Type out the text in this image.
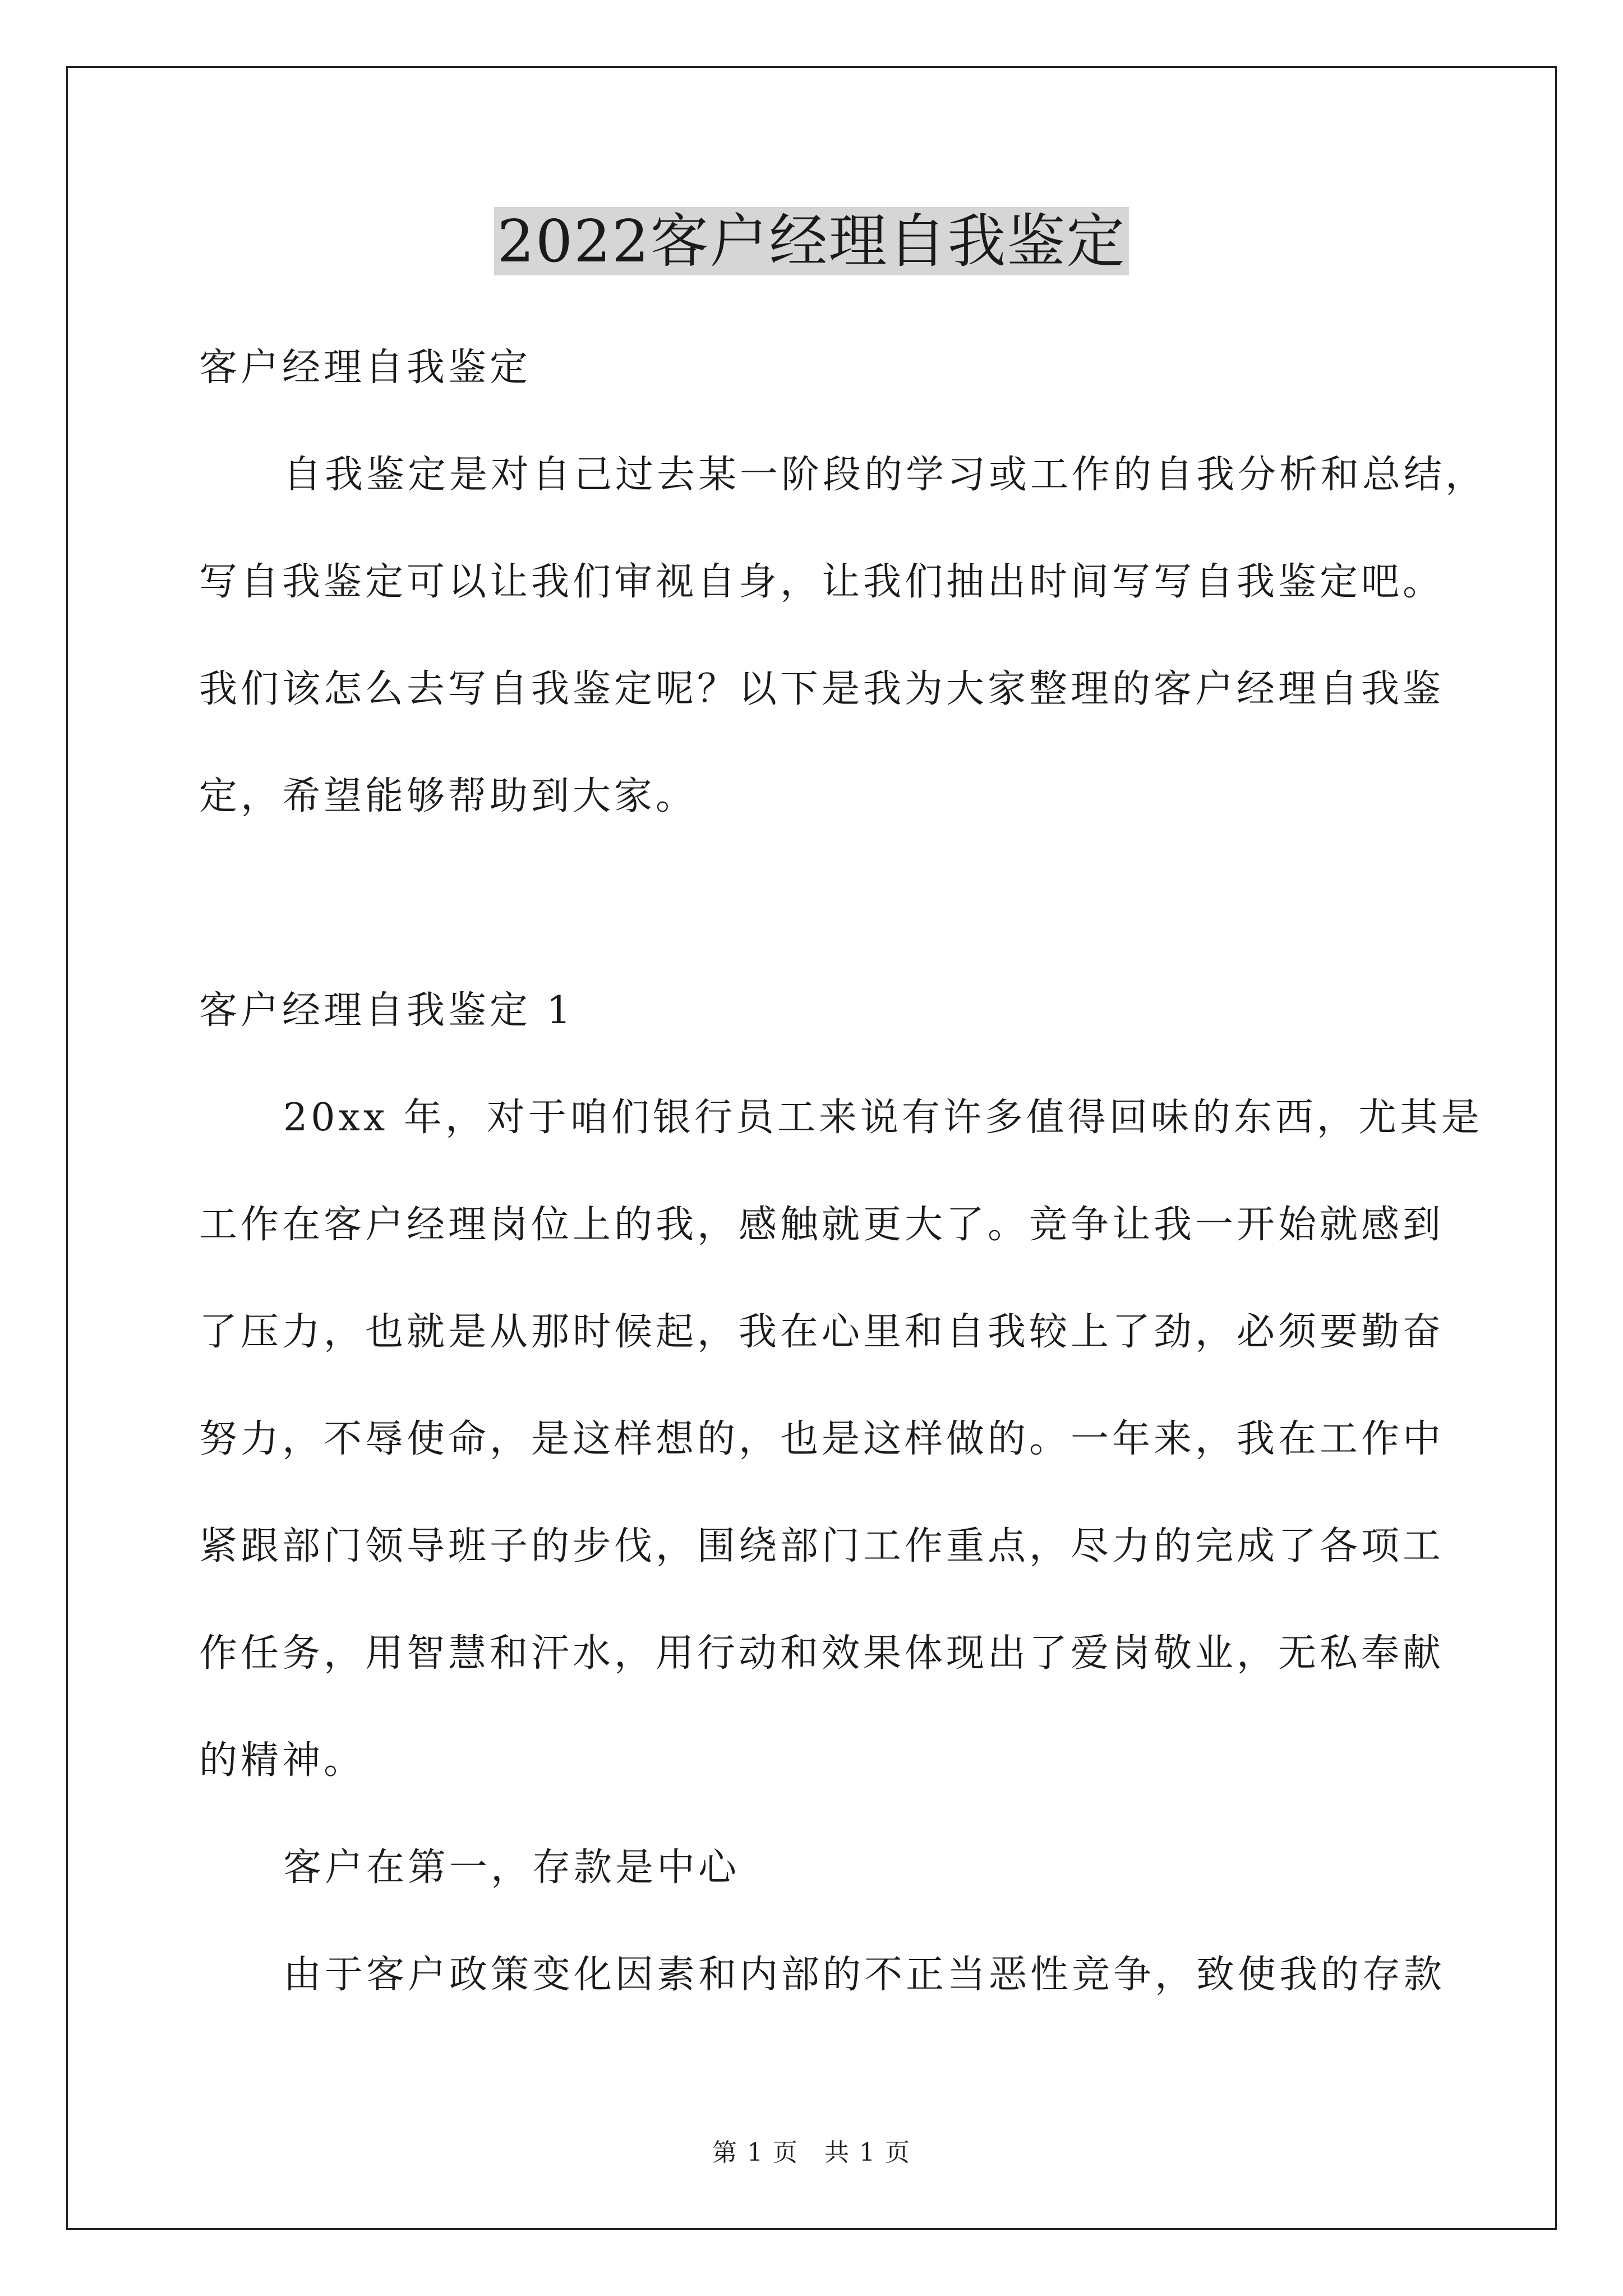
2022客户经理自我鉴定
客户经理自我鉴定
自我鉴定是对自己过去某一阶段的学习或工作的自我分析和总结，
写自我鉴定可以让我们审视自身，让我们抽出时间写写自我鉴定吧。
我们该怎么去写自我鉴定呢？以下是我为大家整理的客户经理自我鉴
定，希望能够帮助到大家。
客户经理自我鉴定 1
20xx 年，对于咱们银行员工来说有许多值得回味的东西，尤其是
工作在客户经理岗位上的我，感触就更大了。竞争让我一开始就感到
了压力，也就是从那时候起，我在心里和自我较上了劲，必须要勤奋
努力，不辱使命，是这样想的，也是这样做的。一年来，我在工作中
紧跟部门领导班子的步伐，围绕部门工作重点，尽力的完成了各项工
作任务，用智慧和汗水，用行动和效果体现出了爱岗敬业，无私奉献
的精神。
客户在第一，存款是中心
由于客户政策变化因素和内部的不正当恶性竞争，致使我的存款
第 1 页　共 1 页
